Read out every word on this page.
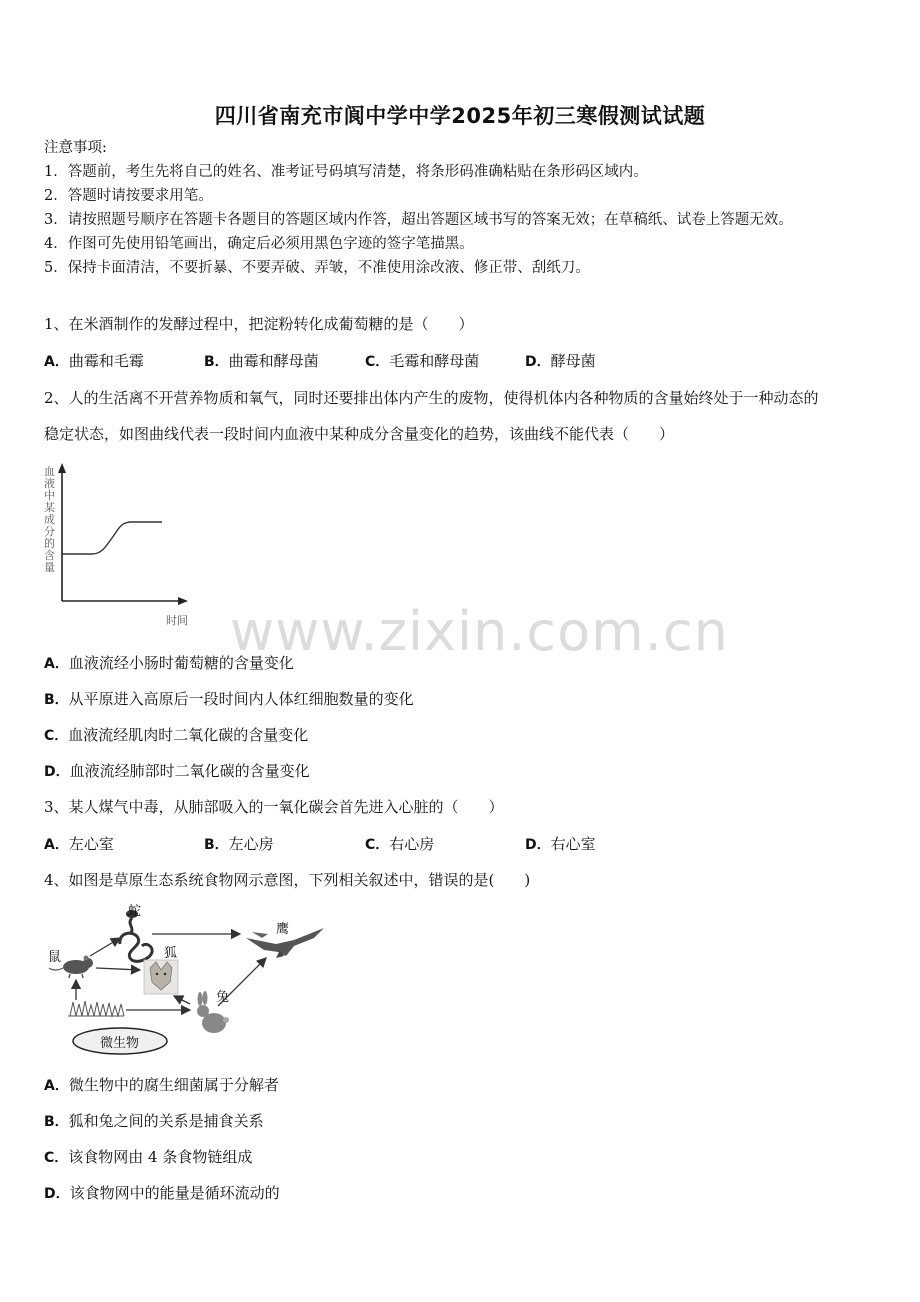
四川省南充市阆中学中学2025年初三寒假测试试题
注意事项:
1．答题前，考生先将自己的姓名、准考证号码填写清楚，将条形码准确粘贴在条形码区域内。
2．答题时请按要求用笔。
3．请按照题号顺序在答题卡各题目的答题区域内作答，超出答题区域书写的答案无效；在草稿纸、试卷上答题无效。
4．作图可先使用铅笔画出，确定后必须用黑色字迹的签字笔描黑。
5．保持卡面清洁，不要折暴、不要弄破、弄皱，不准使用涂改液、修正带、刮纸刀。
1、在米酒制作的发酵过程中，把淀粉转化成葡萄糖的是（　　）
A．曲霉和毛霉	B．曲霉和酵母菌	C．毛霉和酵母菌	D．酵母菌
2、人的生活离不开营养物质和氧气，同时还要排出体内产生的废物，使得机体内各种物质的含量始终处于一种动态的
稳定状态，如图曲线代表一段时间内血液中某种成分含量变化的趋势，该曲线不能代表（　　）
血液中某成分的含量
时间 www.zixin.com.cn
A．血液流经小肠时葡萄糖的含量变化
B．从平原进入高原后一段时间内人体红细胞数量的变化
C．血液流经肌肉时二氧化碳的含量变化
D．血液流经肺部时二氧化碳的含量变化
3、某人煤气中毒，从肺部吸入的一氧化碳会首先进入心脏的（　　）
A．左心室	B．左心房	C．右心房	D．右心室
4、如图是草原生态系统食物网示意图，下列相关叙述中，错误的是(　　)
蛇
鹰
鼠	狐
兔
微生物
A．微生物中的腐生细菌属于分解者
B．狐和兔之间的关系是捕食关系
C．该食物网由 4 条食物链组成
D．该食物网中的能量是循环流动的
